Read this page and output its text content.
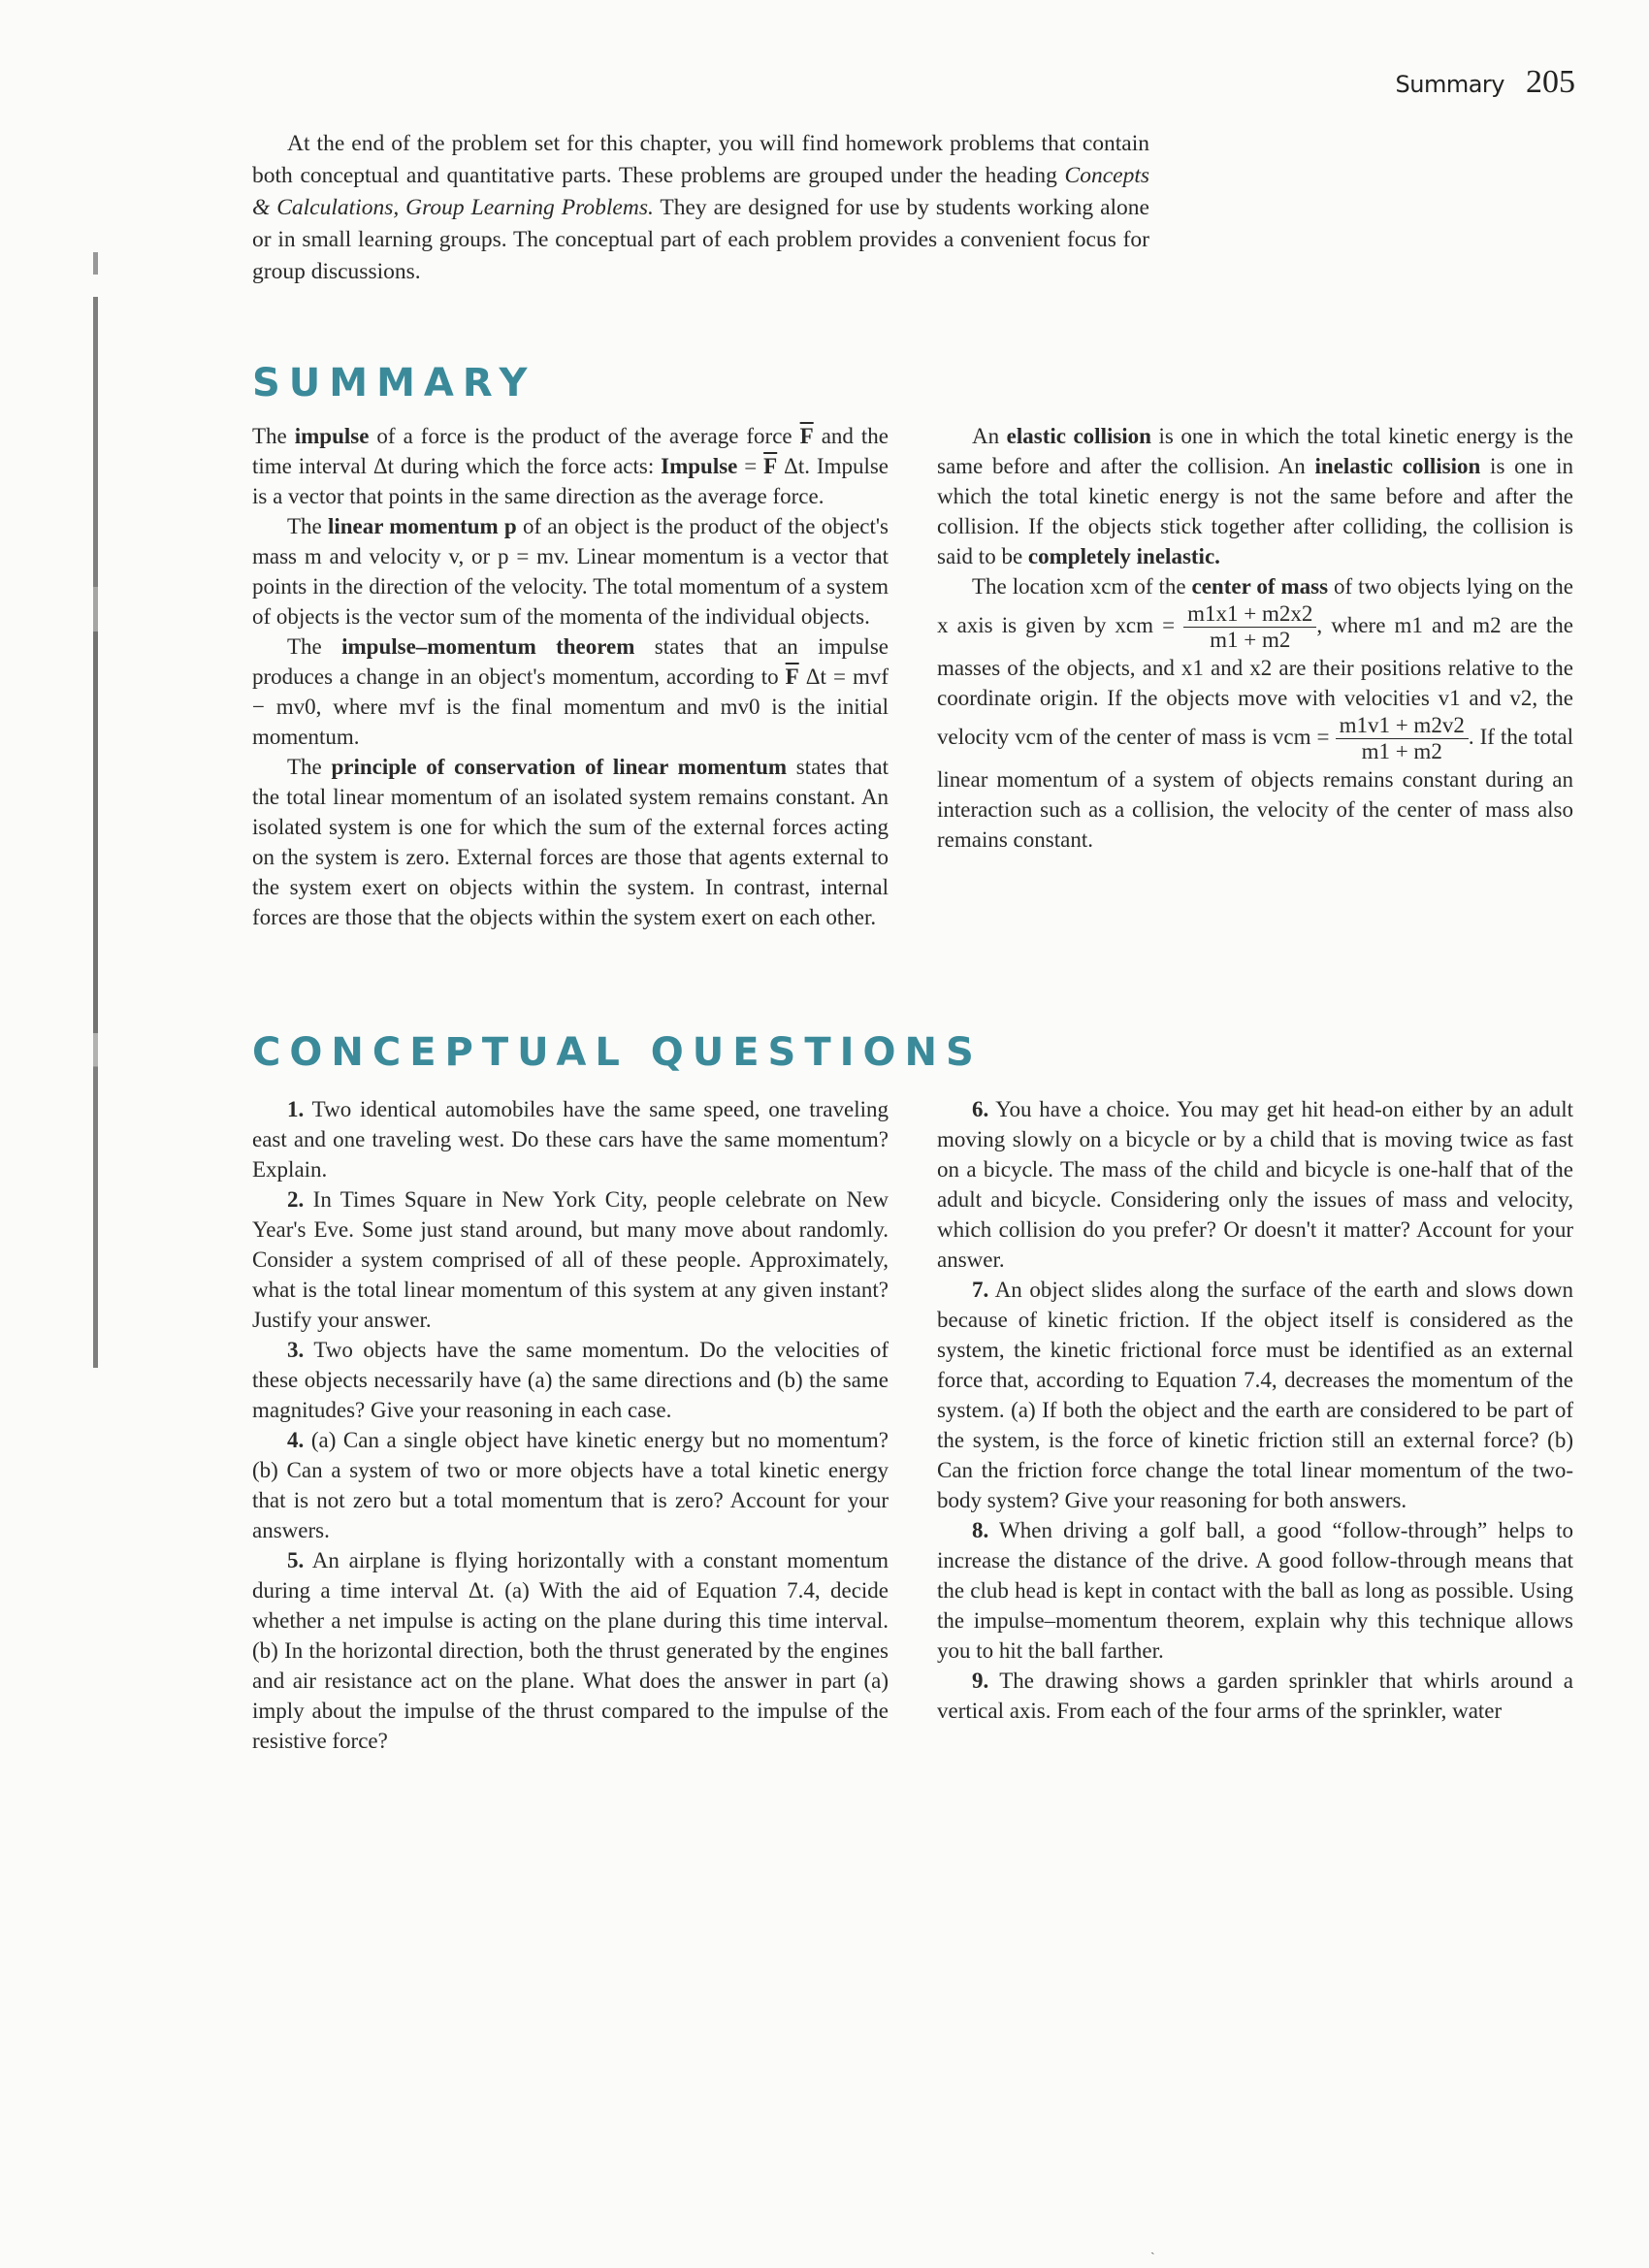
Summary 205

At the end of the problem set for this chapter, you will find homework problems that contain both conceptual and quantitative parts. These problems are grouped under the heading Concepts & Calculations, Group Learning Problems. They are designed for use by students working alone or in small learning groups. The conceptual part of each problem provides a convenient focus for group discussions.

SUMMARY

The impulse of a force is the product of the average force $\overline{F}$ and the time interval Δt during which the force acts: Impulse = $\overline{F}$ Δt. Impulse is a vector that points in the same direction as the average force.

The linear momentum p of an object is the product of the object's mass m and velocity v, or p = mv. Linear momentum is a vector that points in the direction of the velocity. The total momentum of a system of objects is the vector sum of the momenta of the individual objects.

The impulse–momentum theorem states that an impulse produces a change in an object's momentum, according to $\overline{F}$ Δt = mvf − mv0, where mvf is the final momentum and mv0 is the initial momentum.

The principle of conservation of linear momentum states that the total linear momentum of an isolated system remains constant. An isolated system is one for which the sum of the external forces acting on the system is zero. External forces are those that agents external to the system exert on objects within the system. In contrast, internal forces are those that the objects within the system exert on each other.

An elastic collision is one in which the total kinetic energy is the same before and after the collision. An inelastic collision is one in which the total kinetic energy is not the same before and after the collision. If the objects stick together after colliding, the collision is said to be completely inelastic.

The location xcm of the center of mass of two objects lying on the x axis is given by xcm = $\frac{m1x1 + m2x2}{m1 + m2}$ , where m1 and m2 are the masses of the objects, and x1 and x2 are their positions relative to the coordinate origin. If the objects move with velocities v1 and v2, the velocity vcm of the center of mass is vcm = $\frac{m1v1 + m2v2}{m1 + m2}$ . If the total linear momentum of a system of objects remains constant during an interaction such as a collision, the velocity of the center of mass also remains constant.

CONCEPTUAL QUESTIONS

1. Two identical automobiles have the same speed, one traveling east and one traveling west. Do these cars have the same momentum? Explain.

2. In Times Square in New York City, people celebrate on New Year's Eve. Some just stand around, but many move about randomly. Consider a system comprised of all of these people. Approximately, what is the total linear momentum of this system at any given instant? Justify your answer.

3. Two objects have the same momentum. Do the velocities of these objects necessarily have (a) the same directions and (b) the same magnitudes? Give your reasoning in each case.

4. (a) Can a single object have kinetic energy but no momentum? (b) Can a system of two or more objects have a total kinetic energy that is not zero but a total momentum that is zero? Account for your answers.

5. An airplane is flying horizontally with a constant momentum during a time interval Δt. (a) With the aid of Equation 7.4, decide whether a net impulse is acting on the plane during this time interval. (b) In the horizontal direction, both the thrust generated by the engines and air resistance act on the plane. What does the answer in part (a) imply about the impulse of the thrust compared to the impulse of the resistive force?

6. You have a choice. You may get hit head-on either by an adult moving slowly on a bicycle or by a child that is moving twice as fast on a bicycle. The mass of the child and bicycle is one-half that of the adult and bicycle. Considering only the issues of mass and velocity, which collision do you prefer? Or doesn't it matter? Account for your answer.

7. An object slides along the surface of the earth and slows down because of kinetic friction. If the object itself is considered as the system, the kinetic frictional force must be identified as an external force that, according to Equation 7.4, decreases the momentum of the system. (a) If both the object and the earth are considered to be part of the system, is the force of kinetic friction still an external force? (b) Can the friction force change the total linear momentum of the two-body system? Give your reasoning for both answers.

8. When driving a golf ball, a good “follow-through” helps to increase the distance of the drive. A good follow-through means that the club head is kept in contact with the ball as long as possible. Using the impulse–momentum theorem, explain why this technique allows you to hit the ball farther.

9. The drawing shows a garden sprinkler that whirls around a vertical axis. From each of the four arms of the sprinkler, water

ˎ
